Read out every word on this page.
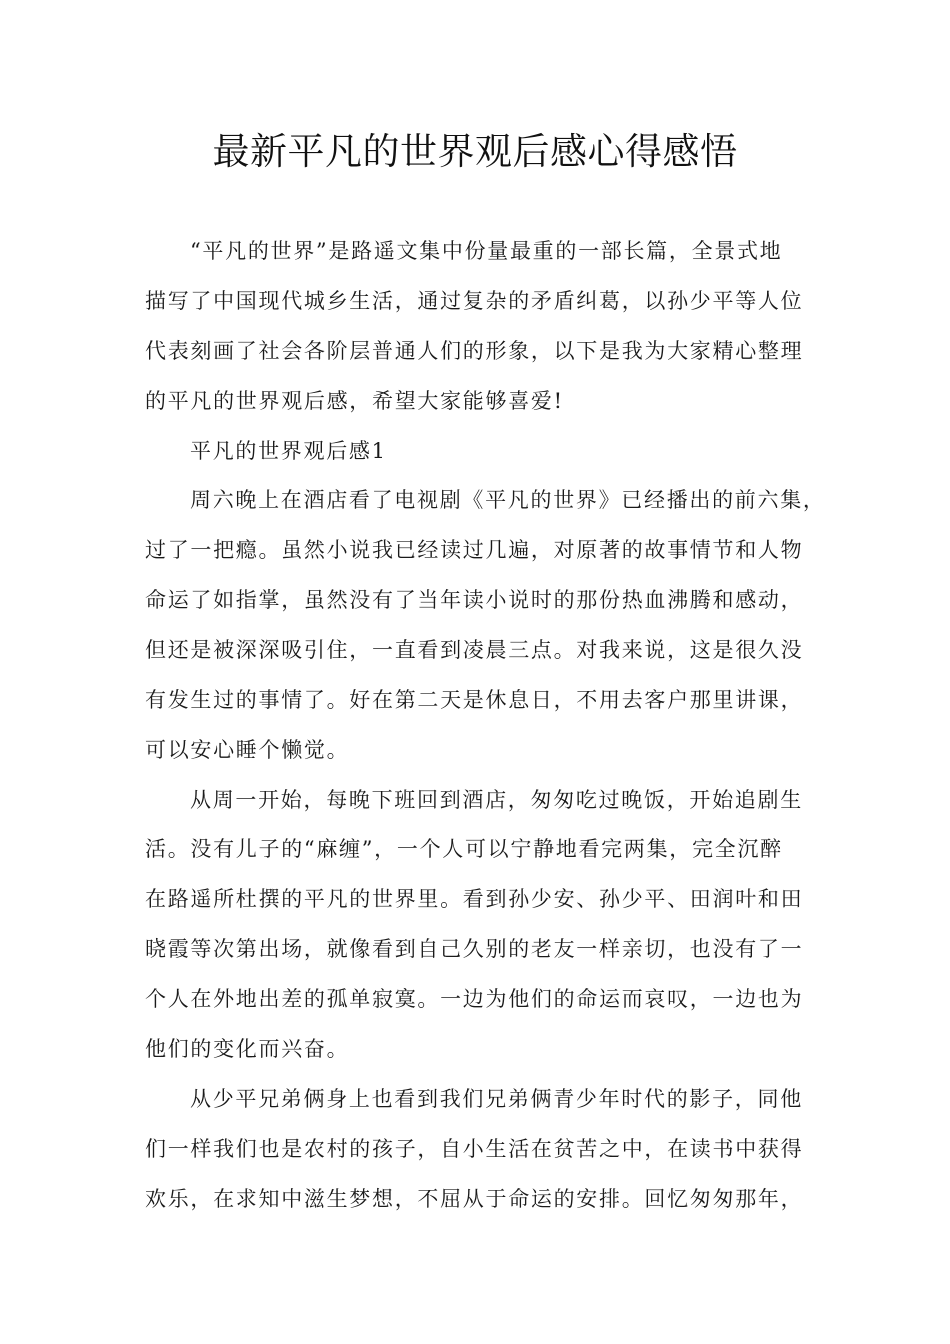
最新平凡的世界观后感心得感悟
“平凡的世界”是路遥文集中份量最重的一部长篇，全景式地
描写了中国现代城乡生活，通过复杂的矛盾纠葛，以孙少平等人位
代表刻画了社会各阶层普通人们的形象，以下是我为大家精心整理
的平凡的世界观后感，希望大家能够喜爱!
平凡的世界观后感1
周六晚上在酒店看了电视剧《平凡的世界》已经播出的前六集，
过了一把瘾。虽然小说我已经读过几遍，对原著的故事情节和人物
命运了如指掌，虽然没有了当年读小说时的那份热血沸腾和感动，
但还是被深深吸引住，一直看到凌晨三点。对我来说，这是很久没
有发生过的事情了。好在第二天是休息日，不用去客户那里讲课，
可以安心睡个懒觉。
从周一开始，每晚下班回到酒店，匆匆吃过晚饭，开始追剧生
活。没有儿子的“麻缠”，一个人可以宁静地看完两集，完全沉醉
在路遥所杜撰的平凡的世界里。看到孙少安、孙少平、田润叶和田
晓霞等次第出场，就像看到自己久别的老友一样亲切，也没有了一
个人在外地出差的孤单寂寞。一边为他们的命运而哀叹，一边也为
他们的变化而兴奋。
从少平兄弟俩身上也看到我们兄弟俩青少年时代的影子，同他
们一样我们也是农村的孩子，自小生活在贫苦之中，在读书中获得
欢乐，在求知中滋生梦想，不屈从于命运的安排。回忆匆匆那年，
